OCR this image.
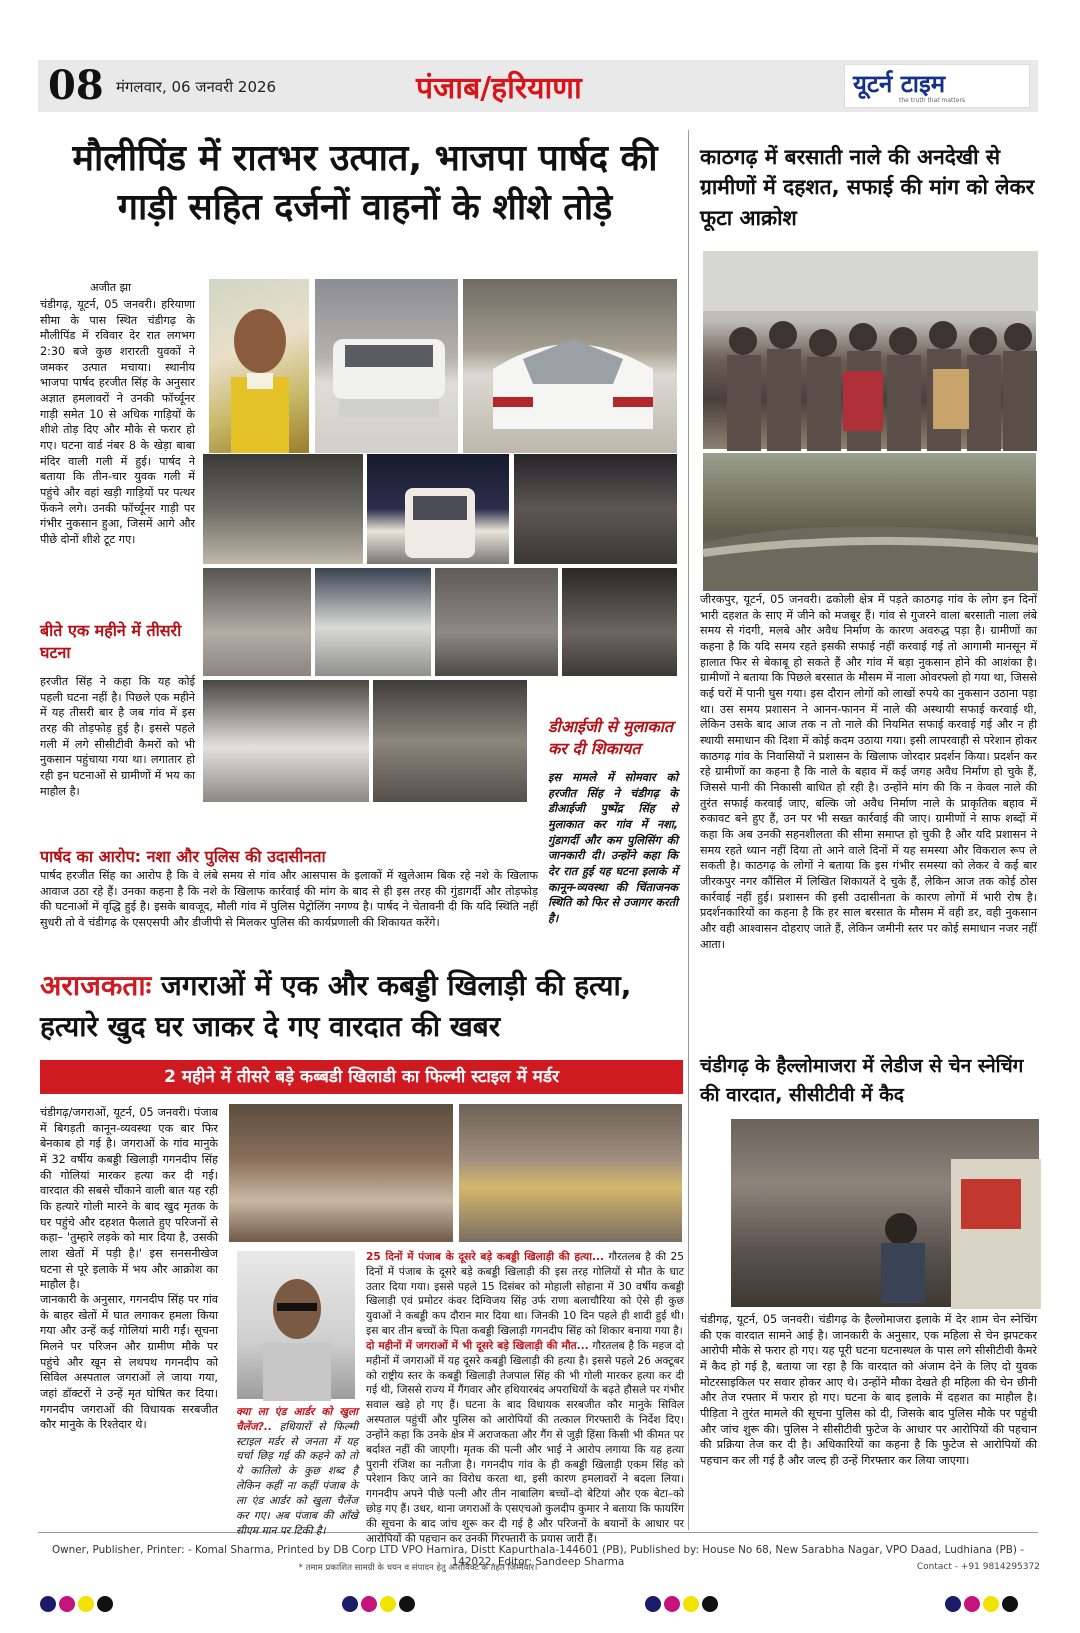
08 मंगलवार, 06 जनवरी 2026	पंजाब/हरियाणा	यूटर्न टाइम
the truth that matters
मौलीपिंड में रातभर उत्पात, भाजपा पार्षद की गाड़ी सहित दर्जनों वाहनों के शीशे तोड़े
अजीत झा
चंडीगढ़, यूटर्न, 05 जनवरी। हरियाणा सीमा के पास स्थित चंडीगढ़ के मौलीपिंड में रविवार देर रात लगभग 2:30 बजे कुछ शरारती युवकों ने जमकर उत्पात मचाया। स्थानीय भाजपा पार्षद हरजीत सिंह के अनुसार अज्ञात हमलावरों ने उनकी फॉर्च्यूनर गाड़ी समेत 10 से अधिक गाड़ियों के शीशे तोड़ दिए और मौके से फरार हो गए। घटना वार्ड नंबर 8 के खेड़ा बाबा मंदिर वाली गली में हुई। पार्षद ने बताया कि तीन-चार युवक गली में पहुंचे और वहां खड़ी गाड़ियों पर पत्थर फेंकने लगे। उनकी फॉर्च्यूनर गाड़ी पर गंभीर नुकसान हुआ, जिसमें आगे और पीछे दोनों शीशे टूट गए।
बीते एक महीने में तीसरी घटना
हरजीत सिंह ने कहा कि यह कोई पहली घटना नहीं है। पिछले एक महीने में यह तीसरी बार है जब गांव में इस तरह की तोड़फोड़ हुई है। इससे पहले गली में लगे सीसीटीवी कैमरों को भी नुकसान पहुंचाया गया था। लगातार हो रही इन घटनाओं से ग्रामीणों में भय का माहौल है।
डीआईजी से मुलाकात कर दी शिकायत
इस मामले में सोमवार को हरजीत सिंह ने चंडीगढ़ के डीआईजी पुष्पेंद्र सिंह से मुलाकात कर गांव में नशा, गुंडागर्दी और कम पुलिसिंग की जानकारी दी। उन्होंने कहा कि देर रात हुई यह घटना इलाके में कानून-व्यवस्था की चिंताजनक स्थिति को फिर से उजागर करती है।
पार्षद का आरोप: नशा और पुलिस की उदासीनता
पार्षद हरजीत सिंह का आरोप है कि वे लंबे समय से गांव और आसपास के इलाकों में खुलेआम बिक रहे नशे के खिलाफ आवाज उठा रहे हैं। उनका कहना है कि नशे के खिलाफ कार्रवाई की मांग के बाद से ही इस तरह की गुंडागर्दी और तोड़फोड़ की घटनाओं में वृद्धि हुई है। इसके बावजूद, मौली गांव में पुलिस पेट्रोलिंग नगण्य है। पार्षद ने चेतावनी दी कि यदि स्थिति नहीं सुधरी तो वे चंडीगढ़ के एसएसपी और डीजीपी से मिलकर पुलिस की कार्यप्रणाली की शिकायत करेंगे।
अराजकताः जगराओं में एक और कबड्डी खिलाड़ी की हत्या, हत्यारे खुद घर जाकर दे गए वारदात की खबर
2 महीने में तीसरे बड़े कब्बडी खिलाडी का फिल्मी स्टाइल में मर्डर
चंडीगढ़/जगराओं, यूटर्न, 05 जनवरी। पंजाब में बिगड़ती कानून-व्यवस्था एक बार फिर बेनकाब हो गई है। जगराओं के गांव मानुके में 32 वर्षीय कबड्डी खिलाड़ी गगनदीप सिंह की गोलियां मारकर हत्या कर दी गई। वारदात की सबसे चौंकाने वाली बात यह रही कि हत्यारे गोली मारने के बाद खुद मृतक के घर पहुंचे और दहशत फैलाते हुए परिजनों से कहा– 'तुम्हारे लड़के को मार दिया है, उसकी लाश खेतों में पड़ी है।' इस सनसनीखेज घटना से पूरे इलाके में भय और आक्रोश का माहौल है।
जानकारी के अनुसार, गगनदीप सिंह पर गांव के बाहर खेतों में घात लगाकर हमला किया गया और उन्हें कई गोलियां मारी गईं। सूचना मिलने पर परिजन और ग्रामीण मौके पर पहुंचे और खून से लथपथ गगनदीप को सिविल अस्पताल जगराओं ले जाया गया, जहां डॉक्टरों ने उन्हें मृत घोषित कर दिया। गगनदीप जगराओं की विधायक सरबजीत कौर मानुके के रिश्तेदार थे।
क्या ला एंड आर्डर को खुला चैलेंज?.. हथियारों से फिल्मी स्टाइल मर्डर से जनता में यह चर्चा छिड़ गई की कहने को तो ये कातिलो के कुछ शब्द है लेकिन कहीं ना कहीं पंजाब के ला एंड आर्डर को खुला चैलेंज कर गए। अब पंजाब की आँखे सीएम मान पर टिकी है।
25 दिनों में पंजाब के दूसरे बड़े कबड्डी खिलाड़ी की हत्या... गौरतलब है की 25 दिनों में पंजाब के दूसरे बड़े कबड्डी खिलाड़ी की इस तरह गोलियों से मौत के घाट उतार दिया गया। इससे पहले 15 दिसंबर को मोहाली सोहाना में 30 वर्षीय कबड्डी खिलाड़ी एवं प्रमोटर कंवर दिग्विजय सिंह उर्फ राणा बलाचौरिया को ऐसे ही कुछ युवाओं ने कबड्डी कप दौरान मार दिया था। जिनकी 10 दिन पहले ही शादी हुई थी। इस बार तीन बच्चों के पिता कबड्डी खिलाड़ी गगनदीप सिंह को शिकार बनाया गया है।
दो महीनों में जगराओं में भी दूसरे बड़े खिलाड़ी की मौत... गौरतलब है कि महज दो महीनों में जगराओं में यह दूसरे कबड्डी खिलाड़ी की हत्या है। इससे पहले 26 अक्टूबर को राष्ट्रीय स्तर के कबड्डी खिलाड़ी तेजपाल सिंह की भी गोली मारकर हत्या कर दी गई थी, जिससे राज्य में गैंगवार और हथियारबंद अपराधियों के बढ़ते हौसले पर गंभीर सवाल खड़े हो गए हैं। घटना के बाद विधायक सरबजीत कौर मानुके सिविल अस्पताल पहुंचीं और पुलिस को आरोपियों की तत्काल गिरफ्तारी के निर्देश दिए। उन्होंने कहा कि उनके क्षेत्र में अराजकता और गैंग से जुड़ी हिंसा किसी भी कीमत पर बर्दाश्त नहीं की जाएगी। मृतक की पत्नी और भाई ने आरोप लगाया कि यह हत्या पुरानी रंजिश का नतीजा है। गगनदीप गांव के ही कबड्डी खिलाड़ी एकम सिंह को परेशान किए जाने का विरोध करता था, इसी कारण हमलावरों ने बदला लिया। गगनदीप अपने पीछे पत्नी और तीन नाबालिग बच्चों–दो बेटियां और एक बेटा–को छोड़ गए हैं। उधर, थाना जगराओं के एसएचओ कुलदीप कुमार ने बताया कि फायरिंग की सूचना के बाद जांच शुरू कर दी गई है और परिजनों के बयानों के आधार पर आरोपियों की पहचान कर उनकी गिरफ्तारी के प्रयास जारी हैं।
काठगढ़ में बरसाती नाले की अनदेखी से ग्रामीणों में दहशत, सफाई की मांग को लेकर फूटा आक्रोश
जीरकपुर, यूटर्न, 05 जनवरी। ढकोली क्षेत्र में पड़ते काठगढ़ गांव के लोग इन दिनों भारी दहशत के साए में जीने को मजबूर हैं। गांव से गुजरने वाला बरसाती नाला लंबे समय से गंदगी, मलबे और अवैध निर्माण के कारण अवरुद्ध पड़ा है। ग्रामीणों का कहना है कि यदि समय रहते इसकी सफाई नहीं करवाई गई तो आगामी मानसून में हालात फिर से बेकाबू हो सकते हैं और गांव में बड़ा नुकसान होने की आशंका है। ग्रामीणों ने बताया कि पिछले बरसात के मौसम में नाला ओवरफ्लो हो गया था, जिससे कई घरों में पानी घुस गया। इस दौरान लोगों को लाखों रुपये का नुकसान उठाना पड़ा था। उस समय प्रशासन ने आनन-फानन में नाले की अस्थायी सफाई करवाई थी, लेकिन उसके बाद आज तक न तो नाले की नियमित सफाई करवाई गई और न ही स्थायी समाधान की दिशा में कोई कदम उठाया गया। इसी लापरवाही से परेशान होकर काठगढ़ गांव के निवासियों ने प्रशासन के खिलाफ जोरदार प्रदर्शन किया। प्रदर्शन कर रहे ग्रामीणों का कहना है कि नाले के बहाव में कई जगह अवैध निर्माण हो चुके हैं, जिससे पानी की निकासी बाधित हो रही है। उन्होंने मांग की कि न केवल नाले की तुरंत सफाई करवाई जाए, बल्कि जो अवैध निर्माण नाले के प्राकृतिक बहाव में रुकावट बने हुए हैं, उन पर भी सख्त कार्रवाई की जाए। ग्रामीणों ने साफ शब्दों में कहा कि अब उनकी सहनशीलता की सीमा समाप्त हो चुकी है और यदि प्रशासन ने समय रहते ध्यान नहीं दिया तो आने वाले दिनों में यह समस्या और विकराल रूप ले सकती है। काठगढ़ के लोगों ने बताया कि इस गंभीर समस्या को लेकर वे कई बार जीरकपुर नगर कौंसिल में लिखित शिकायतें दे चुके हैं, लेकिन आज तक कोई ठोस कार्रवाई नहीं हुई। प्रशासन की इसी उदासीनता के कारण लोगों में भारी रोष है। प्रदर्शनकारियों का कहना है कि हर साल बरसात के मौसम में वही डर, वही नुकसान और वही आश्वासन दोहराए जाते हैं, लेकिन जमीनी स्तर पर कोई समाधान नजर नहीं आता।
चंडीगढ़ के हैल्लोमाजरा में लेडीज से चेन स्नेचिंग की वारदात, सीसीटीवी में कैद
चंडीगढ़, यूटर्न, 05 जनवरी। चंडीगढ़ के हैल्लोमाजरा इलाके में देर शाम चेन स्नेचिंग की एक वारदात सामने आई है। जानकारी के अनुसार, एक महिला से चेन झपटकर आरोपी मौके से फरार हो गए। यह पूरी घटना घटनास्थल के पास लगे सीसीटीवी कैमरे में कैद हो गई है, बताया जा रहा है कि वारदात को अंजाम देने के लिए दो युवक मोटरसाइकिल पर सवार होकर आए थे। उन्होंने मौका देखते ही महिला की चेन छीनी और तेज रफ्तार में फरार हो गए। घटना के बाद इलाके में दहशत का माहौल है। पीड़िता ने तुरंत मामले की सूचना पुलिस को दी, जिसके बाद पुलिस मौके पर पहुंची और जांच शुरू की। पुलिस ने सीसीटीवी फुटेज के आधार पर आरोपियों की पहचान की प्रक्रिया तेज कर दी है। अधिकारियों का कहना है कि फुटेज से आरोपियों की पहचान कर ली गई है और जल्द ही उन्हें गिरफ्तार कर लिया जाएगा।
Owner, Publisher, Printer: - Komal Sharma, Printed by DB Corp LTD VPO Hamira, Distt Kapurthala-144601 (PB), Published by: House No 68, New Sarabha Nagar, VPO Daad, Ludhiana (PB) - 142022, Editor: Sandeep Sharma
* तमाम प्रकाशित सामग्री के चयन व संपादन हेतु आरोविक्ट के तहत जिम्मेवार।	Contact - +91 9814295372
